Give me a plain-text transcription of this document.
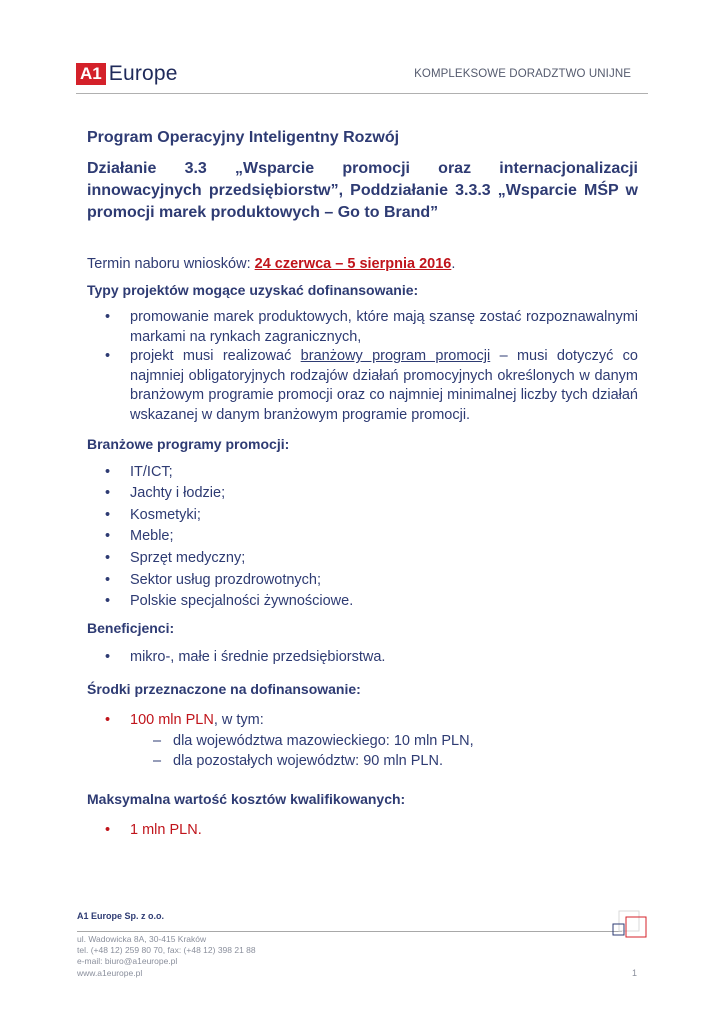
A1 Europe	KOMPLEKSOWE DORADZTWO UNIJNE
Program Operacyjny Inteligentny Rozwój
Działanie 3.3 „Wsparcie promocji oraz internacjonalizacji innowacyjnych przedsiębiorstw”, Poddziałanie 3.3.3 „Wsparcie MŚP w promocji marek produktowych – Go to Brand”
Termin naboru wniosków: 24 czerwca – 5 sierpnia 2016.
Typy projektów mogące uzyskać dofinansowanie:
• promowanie marek produktowych, które mają szansę zostać rozpoznawalnymi markami na rynkach zagranicznych,
• projekt musi realizować branżowy program promocji – musi dotyczyć co najmniej obligatoryjnych rodzajów działań promocyjnych określonych w danym branżowym programie promocji oraz co najmniej minimalnej liczby tych działań wskazanej w danym branżowym programie promocji.
Branżowe programy promocji:
• IT/ICT;
• Jachty i łodzie;
• Kosmetyki;
• Meble;
• Sprzęt medyczny;
• Sektor usług prozdrowotnych;
• Polskie specjalności żywnościowe.
Beneficjenci:
• mikro-, małe i średnie przedsiębiorstwa.
Środki przeznaczone na dofinansowanie:
• 100 mln PLN, w tym:
– dla województwa mazowieckiego: 10 mln PLN,
– dla pozostałych województw: 90 mln PLN.
Maksymalna wartość kosztów kwalifikowanych:
• 1 mln PLN.
A1 Europe Sp. z o.o.
ul. Wadowicka 8A, 30-415 Kraków
tel. (+48 12) 259 80 70, fax: (+48 12) 398 21 88
e-mail: biuro@a1europe.pl
www.a1europe.pl	1
